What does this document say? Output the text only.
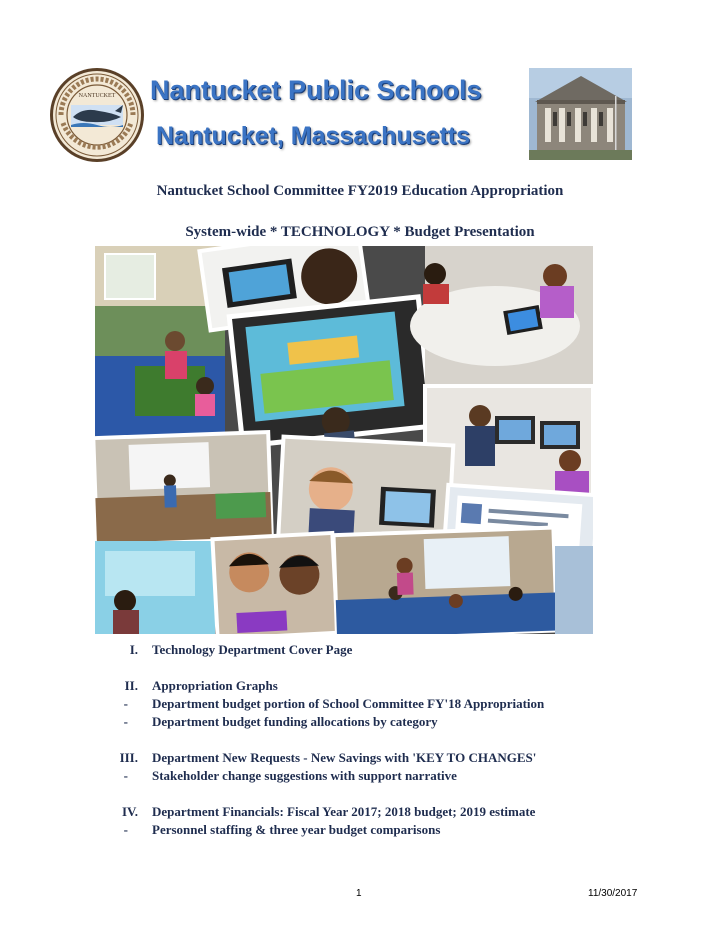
NANTUCKET Nantucket Public Schools
Nantucket, Massachusetts
Nantucket School Committee FY2019 Education Appropriation
System-wide * TECHNOLOGY * Budget Presentation
I. Technology Department Cover Page
II. Appropriation Graphs
- Department budget portion of School Committee FY'18 Appropriation
- Department budget funding allocations by category
III. Department New Requests - New Savings with 'KEY TO CHANGES'
- Stakeholder change suggestions with support narrative
IV. Department Financials: Fiscal Year 2017; 2018 budget; 2019 estimate
- Personnel staffing & three year budget comparisons
1	11/30/2017
